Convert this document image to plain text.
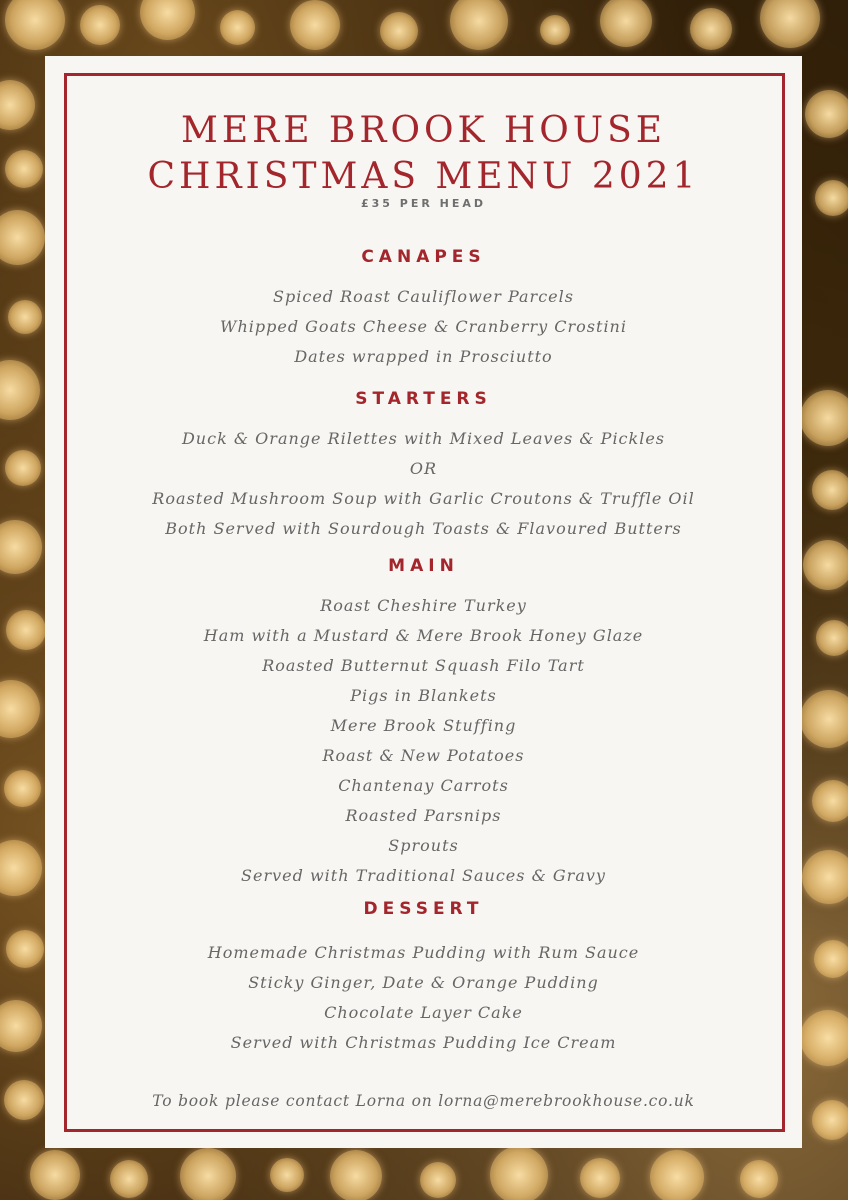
MERE BROOK HOUSE
CHRISTMAS MENU 2021
£35 PER HEAD
CANAPES
Spiced Roast Cauliflower Parcels
Whipped Goats Cheese & Cranberry Crostini
Dates wrapped in Prosciutto
STARTERS
Duck & Orange Rilettes with Mixed Leaves & Pickles
OR
Roasted Mushroom Soup with Garlic Croutons & Truffle Oil
Both Served with Sourdough Toasts & Flavoured Butters
MAIN
Roast Cheshire Turkey
Ham with a Mustard & Mere Brook Honey Glaze
Roasted Butternut Squash Filo Tart
Pigs in Blankets
Mere Brook Stuffing
Roast & New Potatoes
Chantenay Carrots
Roasted Parsnips
Sprouts
Served with Traditional Sauces & Gravy
DESSERT
Homemade Christmas Pudding with Rum Sauce
Sticky Ginger, Date & Orange Pudding
Chocolate Layer Cake
Served with Christmas Pudding Ice Cream
To book please contact Lorna on lorna@merebrookhouse.co.uk
